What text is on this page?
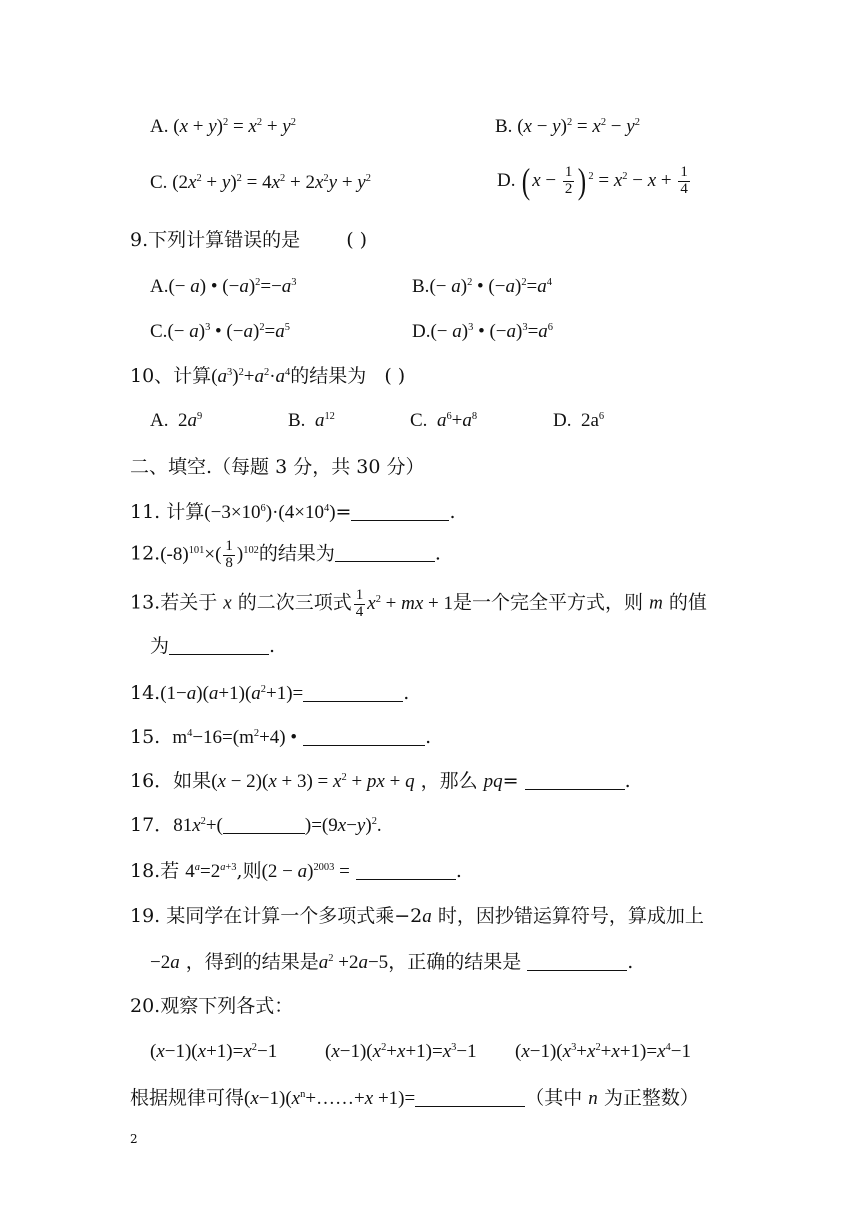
A. $(x + y)^2 = x^2 + y^2$	B. $(x - y)^2 = x^2 - y^2$
C. $(2x^2 + y)^2 = 4x^2 + 2x^2y + y^2$	D. ($x - \frac{1}{2}$ ) $^2 = x^2 - x + \frac{1}{4}$
9.下列计算错误的是 ( )
A.(− a) • $(-a)^2=-a^3$	$B.(- a)^2$ • $(-a)^2=a^4$
$C.(- a)^3$ • $(-a)^2=a^5$	$D.(- a)^3$ • $(-a)^3=a^6$
10、计算$(a^3)^2+a^2\cdot a^4$的结果为 ( )
A.  $2a^9$	B. $a^{12}$	C. $a^6+a^8$	D.  $2a^6$
二、填空.（每题 3 分，共 30 分）
11. 计算$(-3\times 10^6)\cdot(4\times 10^4)=$	.
$12.(-8)^{101}\times( \frac{1}{8} )^{102}$的结果为	.
13.若关于 x 的二次三项式 $\frac{1}{4} x^2$ + mx + 1是一个完全平方式，则 m 的值
为	.
$14.(1-a)(a+1)(a^2+1)=$	.
15. $m^4-16=(m^2+4)$ •	.
16．如果$(x - 2)(x + 3) = x^2$ + px + q ，那么 pq=	.
17．$81x^2+$(	)$=(9x-y)^2$.
18.若 $4^a=2^{a+3}$,则$(2 - a)^{2003}$ =	.
19. 某同学在计算一个多项式乘−2a 时，因抄错运算符号，算成加上
−2a ，得到的结果是$a^2 +2a-5$，正确的结果是	.
20.观察下列各式：
$(x-1)(x+1)=x^2-1$	$(x-1)(x^2+x+1)=x^3-1$ $(x-1)(x^3+x^2+x+1)=x^4-1$
根据规律可得$(x-1)(x^n+\dots\dots+x +1)=$	（其中 n 为正整数）
2
